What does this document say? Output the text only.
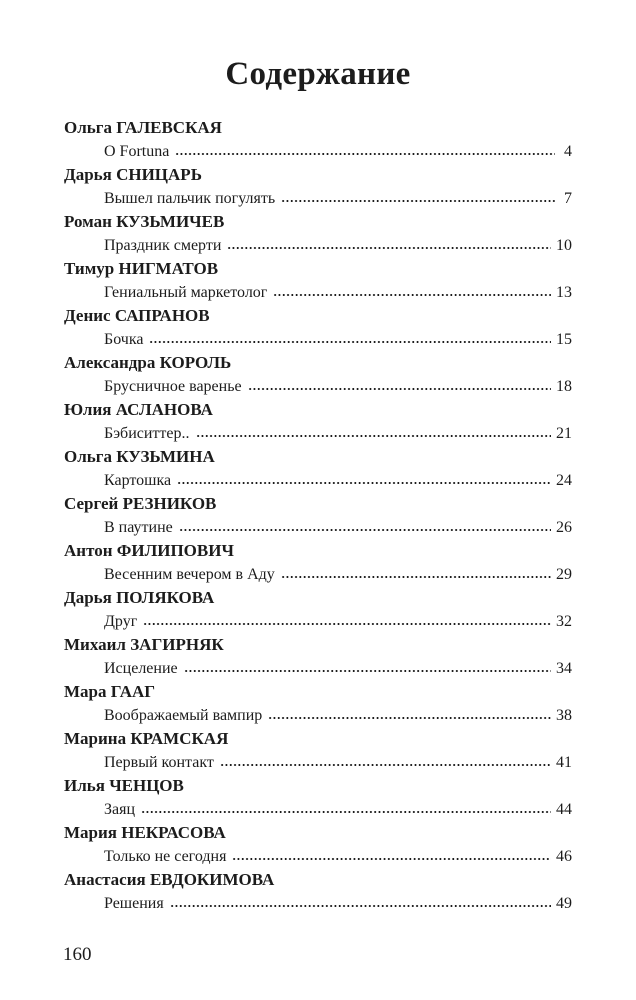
Содержание
Ольга ГАЛЕВСКАЯ
O Fortuna	4
Дарья СНИЦАРЬ
Вышел пальчик погулять	7
Роман КУЗЬМИЧЕВ
Праздник смерти	10
Тимур НИГМАТОВ
Гениальный маркетолог	13
Денис САПРАНОВ
Бочка	15
Александра КОРОЛЬ
Брусничное варенье	18
Юлия АСЛАНОВА
Бэбиситтер..	21
Ольга КУЗЬМИНА
Картошка	24
Сергей РЕЗНИКОВ
В паутине	26
Антон ФИЛИПОВИЧ
Весенним вечером в Аду	29
Дарья ПОЛЯКОВА
Друг	32
Михаил ЗАГИРНЯК
Исцеление	34
Мара ГААГ
Воображаемый вампир	38
Марина КРАМСКАЯ
Первый контакт	41
Илья ЧЕНЦОВ
Заяц	44
Мария НЕКРАСОВА
Только не сегодня	46
Анастасия ЕВДОКИМОВА
Решения	49
160
